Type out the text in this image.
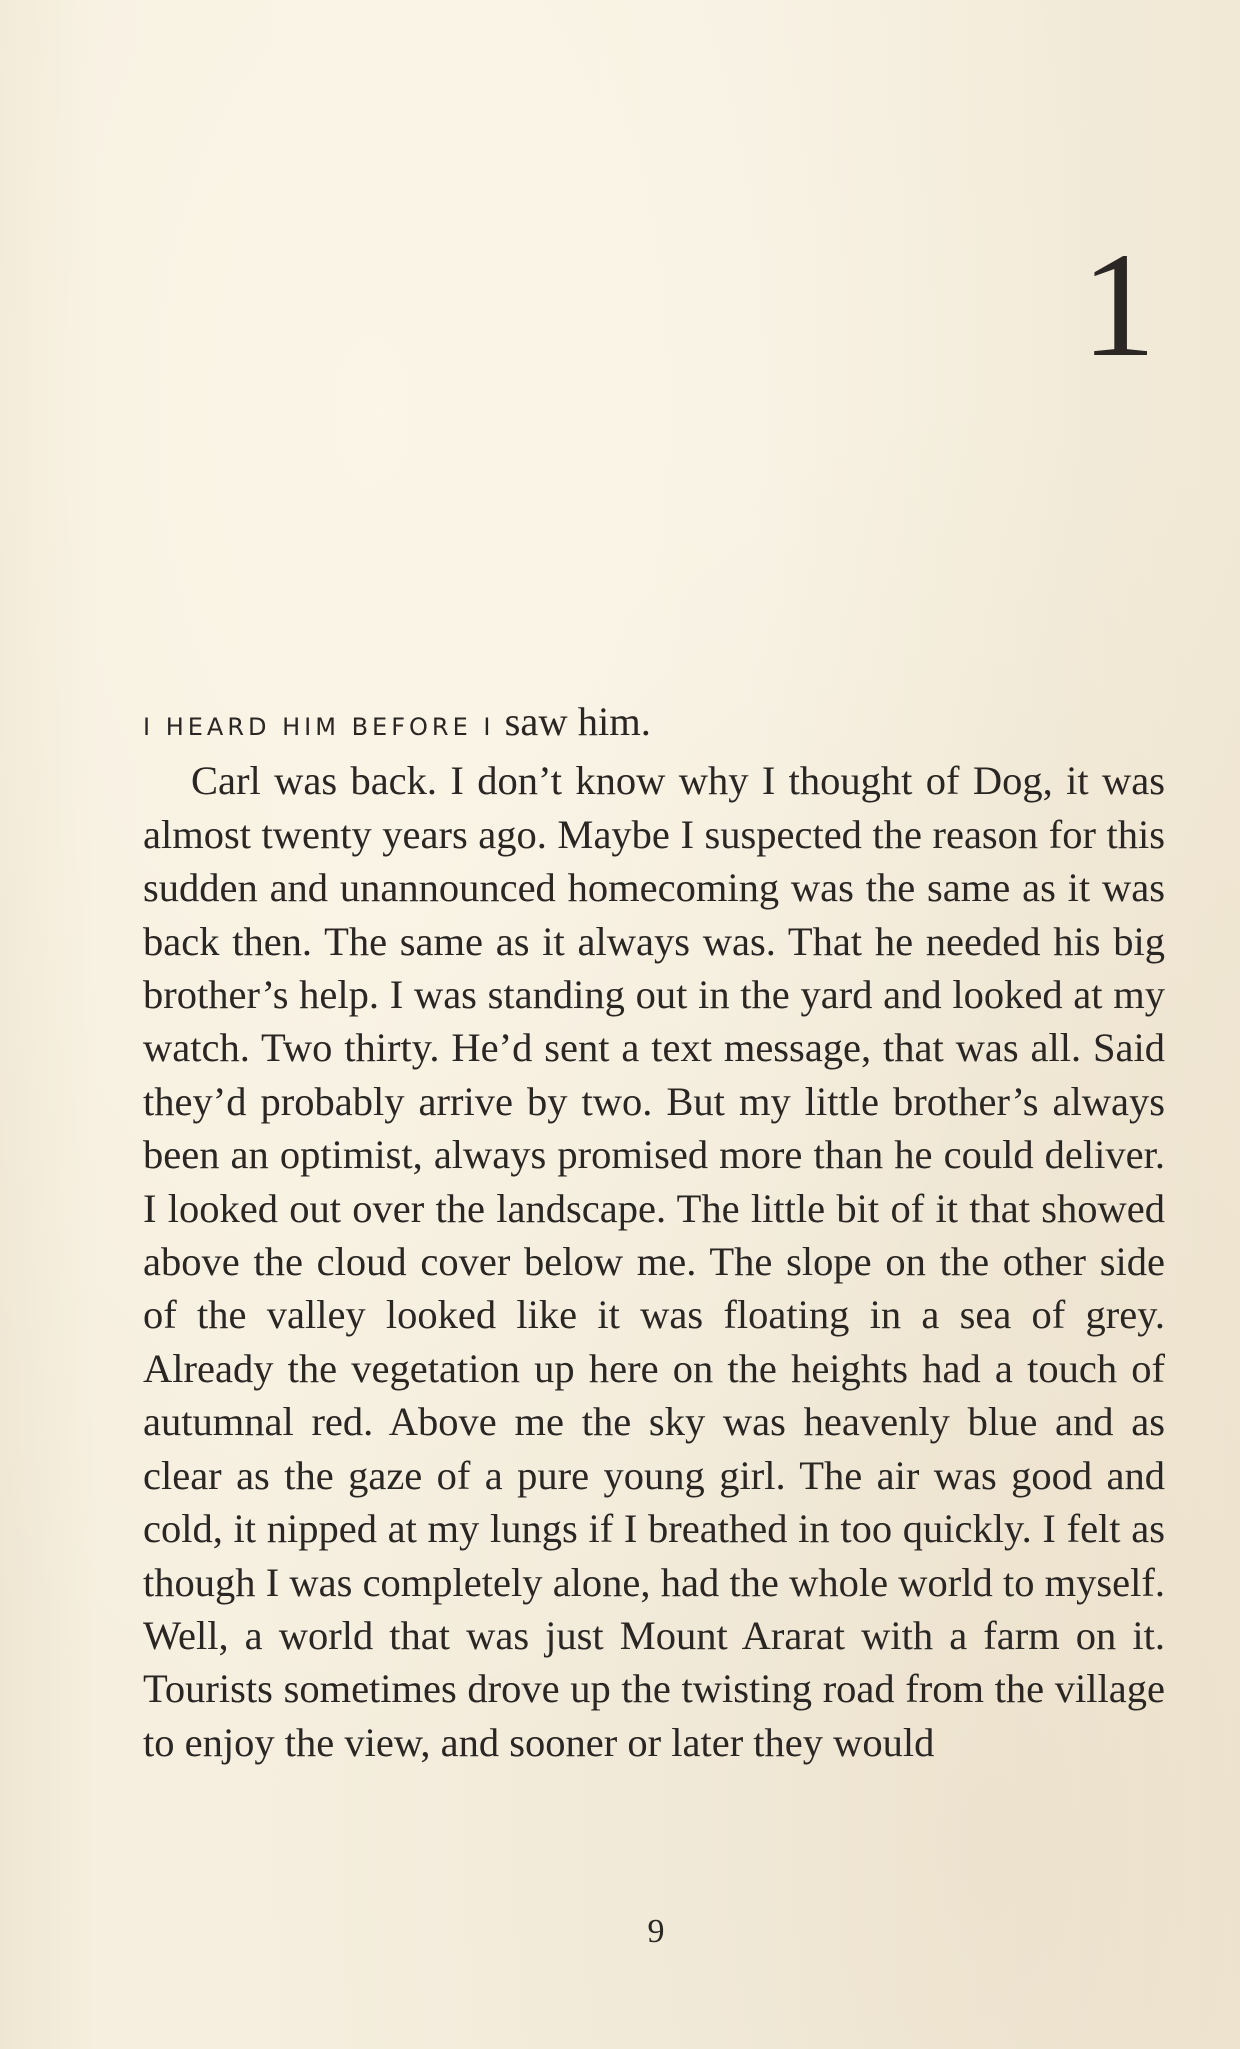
1

I HEARD HIM BEFORE I saw him.

Carl was back. I don’t know why I thought of Dog, it was almost twenty years ago. Maybe I suspected the reason for this sudden and unannounced homecoming was the same as it was back then. The same as it always was. That he needed his big brother’s help. I was standing out in the yard and looked at my watch. Two thirty. He’d sent a text message, that was all. Said they’d probably arrive by two. But my little brother’s always been an optimist, always promised more than he could deliver. I looked out over the landscape. The little bit of it that showed above the cloud cover below me. The slope on the other side of the valley looked like it was floating in a sea of grey. Already the vegetation up here on the heights had a touch of autumnal red. Above me the sky was heavenly blue and as clear as the gaze of a pure young girl. The air was good and cold, it nipped at my lungs if I breathed in too quickly. I felt as though I was completely alone, had the whole world to myself. Well, a world that was just Mount Ararat with a farm on it. Tourists sometimes drove up the twisting road from the village to enjoy the view, and sooner or later they would

9
